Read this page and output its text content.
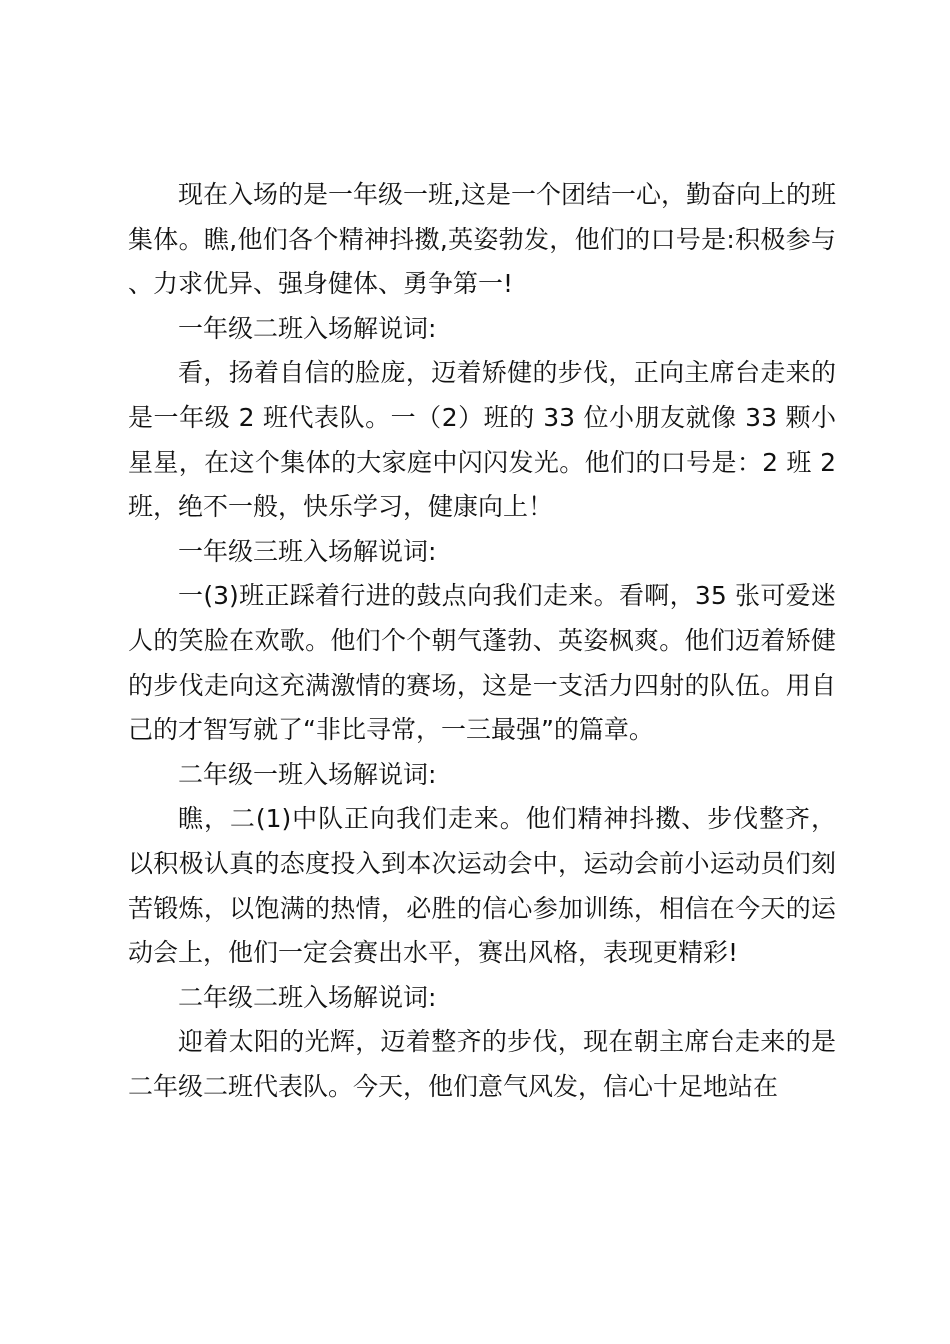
现在入场的是一年级一班,这是一个团结一心，勤奋向上的班集体。瞧,他们各个精神抖擞,英姿勃发，他们的口号是:积极参与、力求优异、强身健体、勇争第一!

一年级二班入场解说词:

看，扬着自信的脸庞，迈着矫健的步伐，正向主席台走来的是一年级 2 班代表队。一（2）班的 33 位小朋友就像 33 颗小星星，在这个集体的大家庭中闪闪发光。他们的口号是：2 班 2 班，绝不一般，快乐学习，健康向上！

一年级三班入场解说词:

一(3)班正踩着行进的鼓点向我们走来。看啊，35 张可爱迷人的笑脸在欢歌。他们个个朝气蓬勃、英姿枫爽。他们迈着矫健的步伐走向这充满激情的赛场，这是一支活力四射的队伍。用自己的才智写就了“非比寻常，一三最强”的篇章。

二年级一班入场解说词:

瞧，二(1)中队正向我们走来。他们精神抖擞、步伐整齐，以积极认真的态度投入到本次运动会中，运动会前小运动员们刻苦锻炼，以饱满的热情，必胜的信心参加训练，相信在今天的运动会上，他们一定会赛出水平，赛出风格，表现更精彩!

二年级二班入场解说词:

迎着太阳的光辉，迈着整齐的步伐，现在朝主席台走来的是二年级二班代表队。今天，他们意气风发，信心十足地站在
